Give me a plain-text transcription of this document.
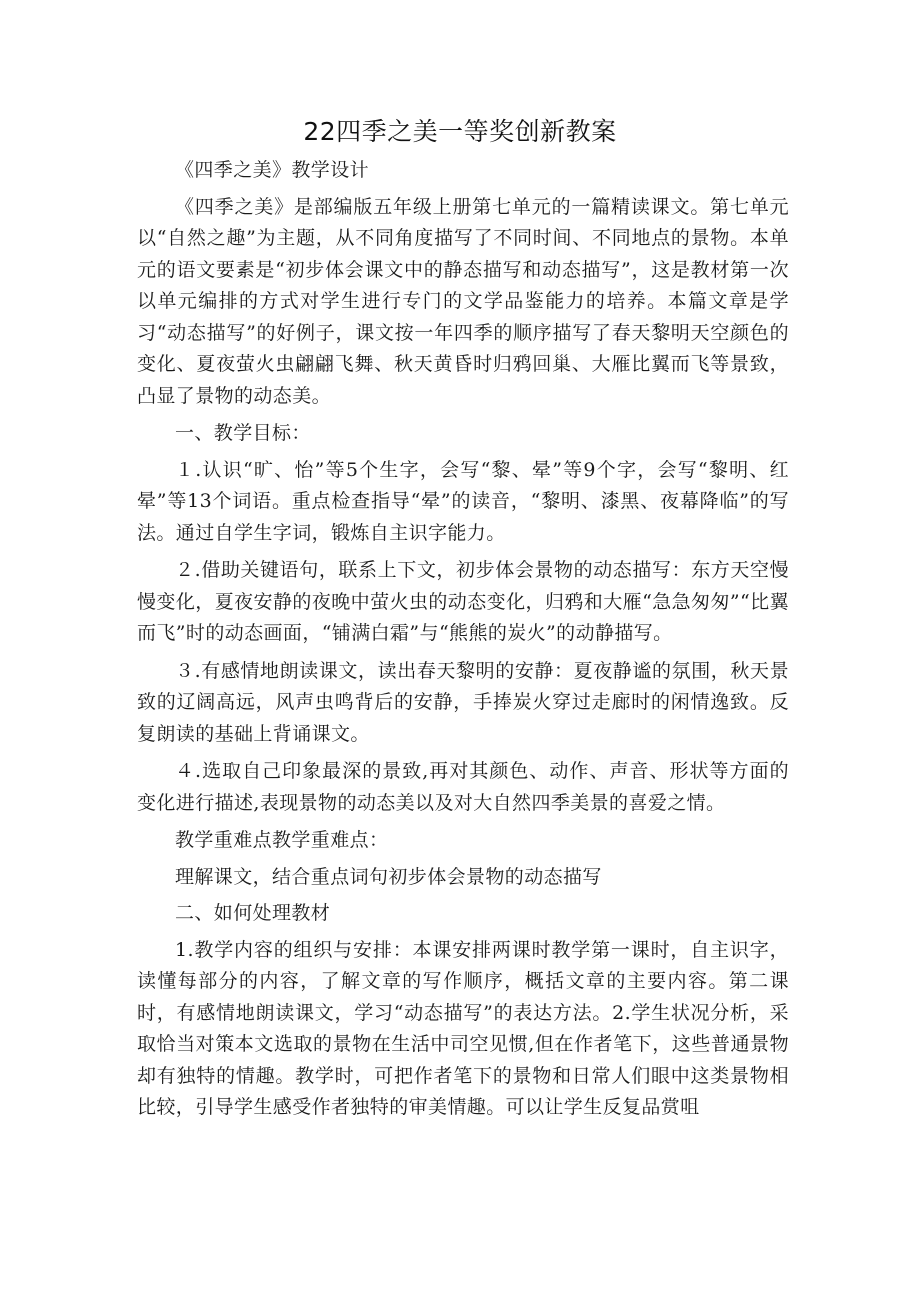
22四季之美一等奖创新教案

《四季之美》教学设计

《四季之美》是部编版五年级上册第七单元的一篇精读课文。第七单元以“自然之趣”为主题，从不同角度描写了不同时间、不同地点的景物。本单元的语文要素是“初步体会课文中的静态描写和动态描写”，这是教材第一次以单元编排的方式对学生进行专门的文学品鉴能力的培养。本篇文章是学习“动态描写”的好例子，课文按一年四季的顺序描写了春天黎明天空颜色的变化、夏夜萤火虫翩翩飞舞、秋天黄昏时归鸦回巢、大雁比翼而飞等景致，凸显了景物的动态美。

一、教学目标：

１.认识“旷、怡”等5个生字，会写“黎、晕”等9个字，会写“黎明、红晕”等13个词语。重点检查指导“晕”的读音，“黎明、漆黑、夜幕降临”的写法。通过自学生字词，锻炼自主识字能力。

２.借助关键语句，联系上下文，初步体会景物的动态描写：东方天空慢慢变化，夏夜安静的夜晚中萤火虫的动态变化，归鸦和大雁“急急匆匆”“比翼而飞”时的动态画面，“铺满白霜”与“熊熊的炭火”的动静描写。

３.有感情地朗读课文，读出春天黎明的安静：夏夜静谧的氛围，秋天景致的辽阔高远，风声虫鸣背后的安静，手捧炭火穿过走廊时的闲情逸致。反复朗读的基础上背诵课文。

４.选取自己印象最深的景致,再对其颜色、动作、声音、形状等方面的变化进行描述,表现景物的动态美以及对大自然四季美景的喜爱之情。

教学重难点教学重难点：

理解课文，结合重点词句初步体会景物的动态描写

二、如何处理教材

1.教学内容的组织与安排：本课安排两课时教学第一课时，自主识字，读懂每部分的内容，了解文章的写作顺序，概括文章的主要内容。第二课时，有感情地朗读课文，学习“动态描写”的表达方法。2.学生状况分析，采取恰当对策本文选取的景物在生活中司空见惯,但在作者笔下，这些普通景物却有独特的情趣。教学时，可把作者笔下的景物和日常人们眼中这类景物相比较，引导学生感受作者独特的审美情趣。可以让学生反复品赏咀
